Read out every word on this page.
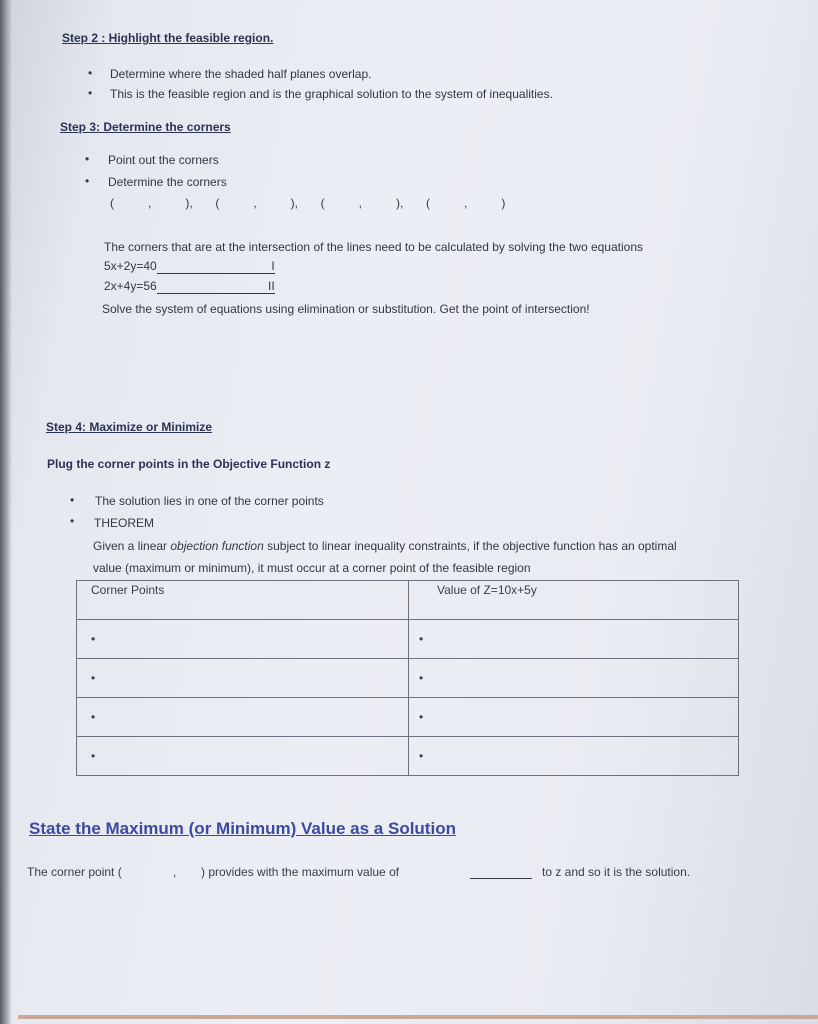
Step 2 : Highlight the feasible region.
• Determine where the shaded half planes overlap.
• This is the feasible region and is the graphical solution to the system of inequalities.
Step 3: Determine the corners
• Point out the corners
• Determine the corners
(   ,   ),  (   ,   ),  (   ,   ),  (   ,   )
The corners that are at the intersection of the lines need to be calculated by solving the two equations
5x+2y=40	I
2x+4y=56	II
Solve the system of equations using elimination or substitution. Get the point of intersection!
Step 4: Maximize or Minimize
Plug the corner points in the Objective Function z
• The solution lies in one of the corner points
• THEOREM
Given a linear objection function subject to linear inequality constraints, if the objective function has an optimal
value (maximum or minimum), it must occur at a corner point of the feasible region
Corner Points	Value of Z=10x+5y
•	•
•	•
•	•
•	•
State the Maximum (or Minimum) Value as a Solution
The corner point (	, ) provides with the maximum value of	to z and so it is the solution.
